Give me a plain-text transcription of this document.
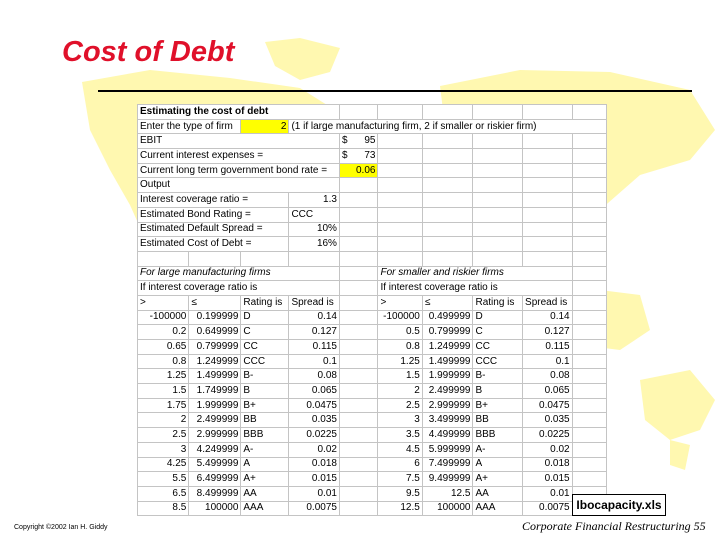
Cost of Debt
Estimating the cost of debt									
Enter the type of firm		2	(1 if large manufacturing firm, 2 if smaller or riskier firm)						
EBIT				$ 95					

Current interest expenses =				$ 73					

Current long term government bond rate =				0.06					
Output									
Interest coverage ratio =			1.3						
Estimated Bond Rating =			CCC						
Estimated Default Spread =			10%						
Estimated Cost of Debt =			16%						

For large manufacturing firms					For smaller and riskier firms				
If interest coverage ratio is					If interest coverage ratio is				
>	≤	Rating is	Spread is		>	≤	Rating is	Spread is	
-100000	0.199999	D	0.14		-100000	0.499999	D	0.14	
0.2	0.649999	C	0.127		0.5	0.799999	C	0.127	
0.65	0.799999	CC	0.115		0.8	1.249999	CC	0.115	
0.8	1.249999	CCC	0.1		1.25	1.499999	CCC	0.1	
1.25	1.499999	B-	0.08		1.5	1.999999	B-	0.08	
1.5	1.749999	B	0.065		2	2.499999	B	0.065	
1.75	1.999999	B+	0.0475		2.5	2.999999	B+	0.0475	
2	2.499999	BB	0.035		3	3.499999	BB	0.035	
2.5	2.999999	BBB	0.0225		3.5	4.499999	BBB	0.0225	
3	4.249999	A-	0.02		4.5	5.999999	A-	0.02	
4.25	5.499999	A	0.018		6	7.499999	A	0.018	
5.5	6.499999	A+	0.015		7.5	9.499999	A+	0.015	
6.5	8.499999	AA	0.01		9.5	12.5	AA	0.01	
8.5	100000	AAA	0.0075		12.5	100000	AAA	0.0075	Ibocapacity.xls
Copyright ©2002 Ian H. Giddy	Corporate Financial Restructuring 55
